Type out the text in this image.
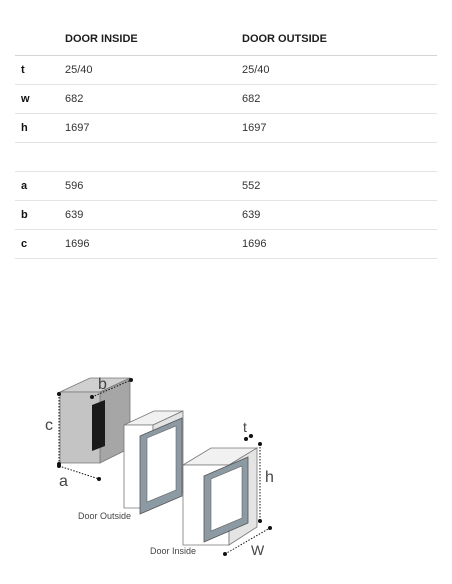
	DOOR INSIDE	DOOR OUTSIDE
t	25/40	25/40
w	682	682
h	1697	1697

a	596	552
b	639	639
c	1696	1696
b
c
a
Door Outside
Door Inside
t
h
W
